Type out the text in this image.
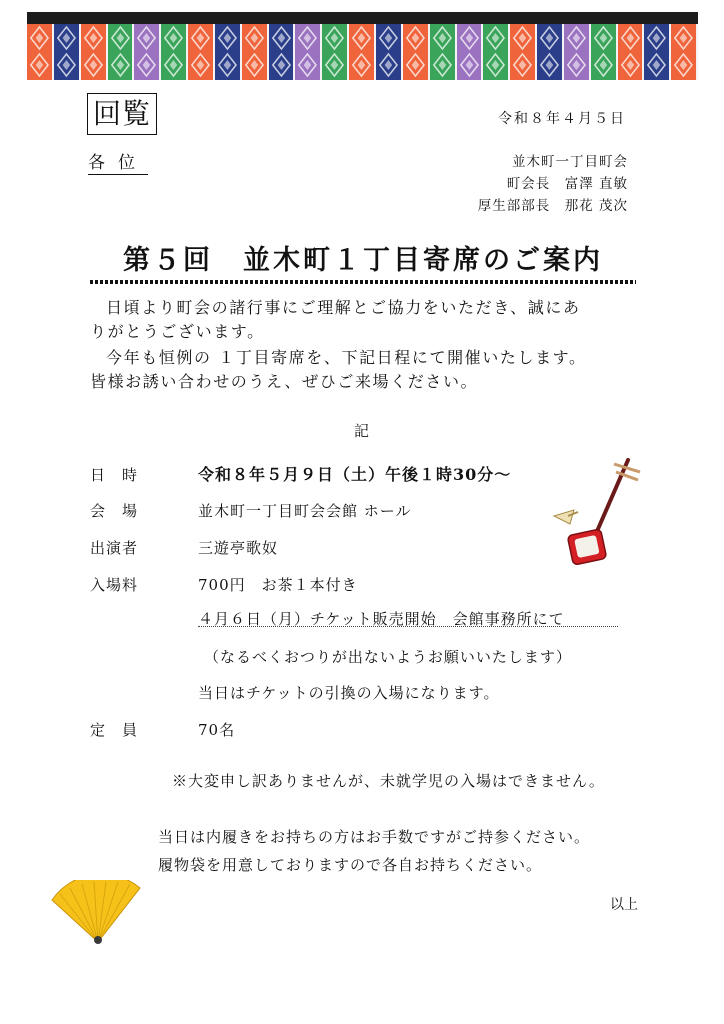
回覧	令和８年４月５日
各位	並木町一丁目町会
町会長　富澤 直敏
厚生部部長　那花 茂次
第５回　並木町１丁目寄席のご案内
日頃より町会の諸行事にご理解とご協力をいただき、誠にあ
りがとうございます。
今年も恒例の １丁目寄席を、下記日程にて開催いたします。
皆様お誘い合わせのうえ、ぜひご来場ください。
記
日　時	令和８年５月９日（土）午後１時30分～
会　場	並木町一丁目町会会館 ホール
出演者	三遊亭歌奴
入場料	700円　お茶１本付き
４月６日（月）チケット販売開始　会館事務所にて
（なるべくおつりが出ないようお願いいたします）
当日はチケットの引換の入場になります。
定　員	70名
※大変申し訳ありませんが、未就学児の入場はできません。
当日は内履きをお持ちの方はお手数ですがご持参ください。
履物袋を用意しておりますので各自お持ちください。
以上
